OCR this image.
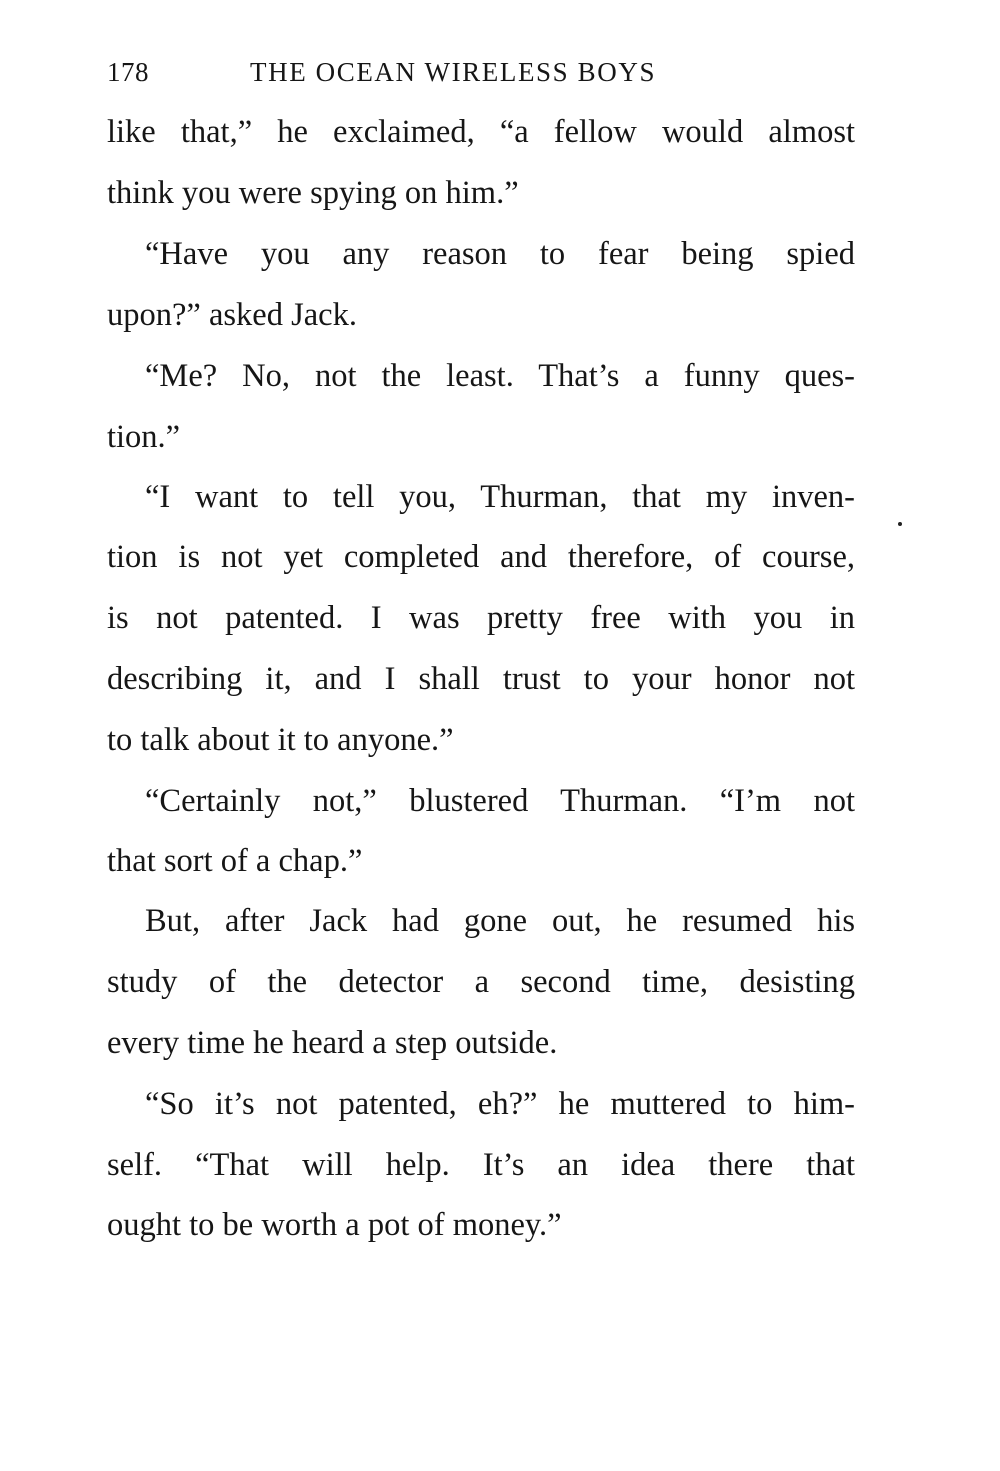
178	THE OCEAN WIRELESS BOYS
like that,” he exclaimed, “a fellow would almost
think you were spying on him.”
“Have you any reason to fear being spied
upon?” asked Jack.
“Me? No, not the least. That’s a funny ques-
tion.”
“I want to tell you, Thurman, that my inven-
tion is not yet completed and therefore, of course,
is not patented. I was pretty free with you in
describing it, and I shall trust to your honor not
to talk about it to anyone.”
“Certainly not,” blustered Thurman. “I’m not
that sort of a chap.”
But, after Jack had gone out, he resumed his
study of the detector a second time, desisting
every time he heard a step outside.
“So it’s not patented, eh?” he muttered to him-
self. “That will help. It’s an idea there that
ought to be worth a pot of money.”
